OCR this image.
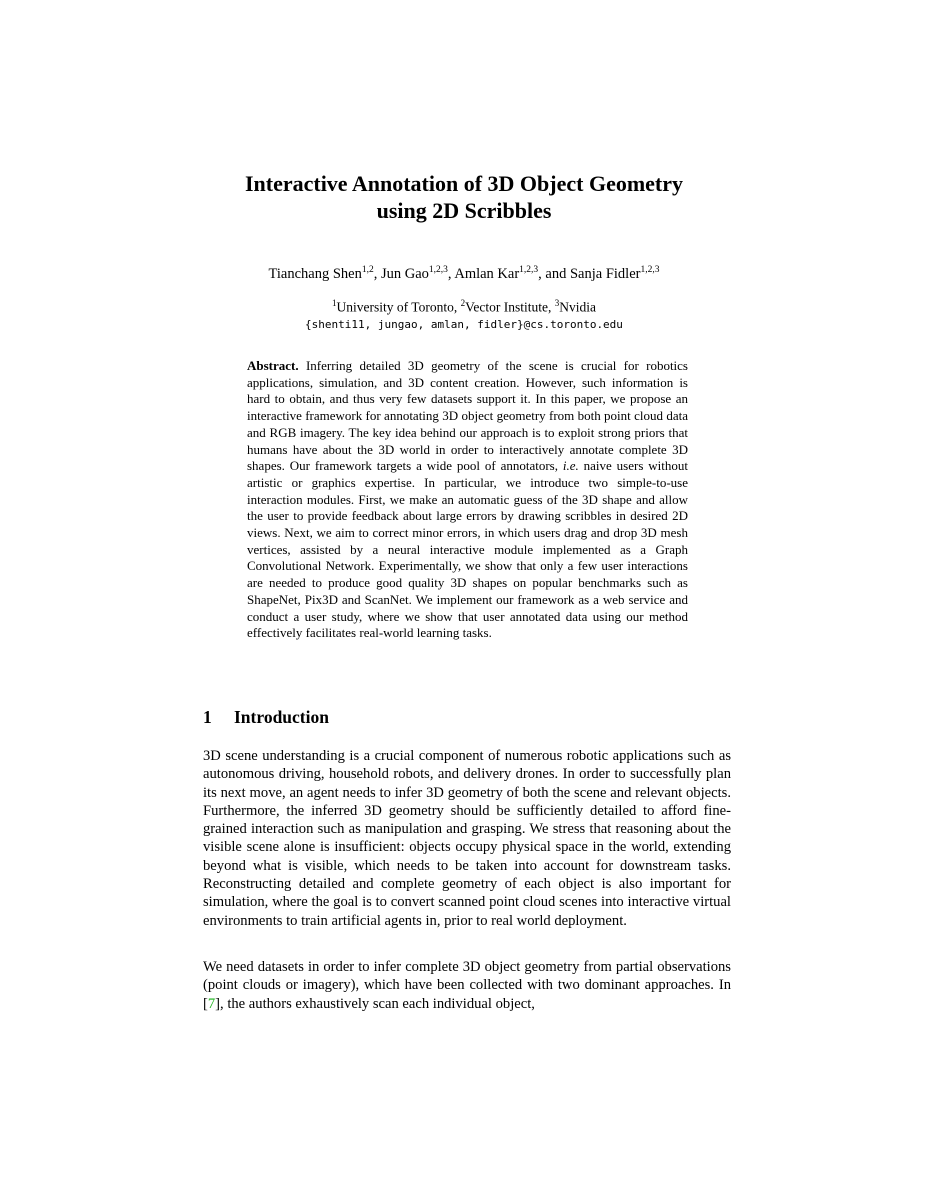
Interactive Annotation of 3D Object Geometry
using 2D Scribbles
Tianchang Shen$^{1,2}$, Jun Gao$^{1,2,3}$, Amlan Kar$^{1,2,3}$, and Sanja Fidler$^{1,2,3}$
$^1$University of Toronto, $^2$Vector Institute, $^3$Nvidia
{shenti11, jungao, amlan, fidler}@cs.toronto.edu
Abstract. Inferring detailed 3D geometry of the scene is crucial for robotics applications, simulation, and 3D content creation. However, such information is hard to obtain, and thus very few datasets support it. In this paper, we propose an interactive framework for annotating 3D object geometry from both point cloud data and RGB imagery. The key idea behind our approach is to exploit strong priors that humans have about the 3D world in order to interactively annotate complete 3D shapes. Our framework targets a wide pool of annotators, i.e. naive users without artistic or graphics expertise. In particular, we introduce two simple-to-use interaction modules. First, we make an automatic guess of the 3D shape and allow the user to provide feedback about large errors by drawing scribbles in desired 2D views. Next, we aim to correct minor errors, in which users drag and drop 3D mesh vertices, assisted by a neural interactive module implemented as a Graph Convolutional Network. Experimentally, we show that only a few user interactions are needed to produce good quality 3D shapes on popular benchmarks such as ShapeNet, Pix3D and ScanNet. We implement our framework as a web service and conduct a user study, where we show that user annotated data using our method effectively facilitates real-world learning tasks.
1 Introduction
3D scene understanding is a crucial component of numerous robotic applications such as autonomous driving, household robots, and delivery drones. In order to successfully plan its next move, an agent needs to infer 3D geometry of both the scene and relevant objects. Furthermore, the inferred 3D geometry should be sufficiently detailed to afford fine-grained interaction such as manipulation and grasping. We stress that reasoning about the visible scene alone is insufficient: objects occupy physical space in the world, extending beyond what is visible, which needs to be taken into account for downstream tasks. Reconstructing detailed and complete geometry of each object is also important for simulation, where the goal is to convert scanned point cloud scenes into interactive virtual environments to train artificial agents in, prior to real world deployment.
We need datasets in order to infer complete 3D object geometry from partial observations (point clouds or imagery), which have been collected with two dominant approaches. In [7], the authors exhaustively scan each individual object,
